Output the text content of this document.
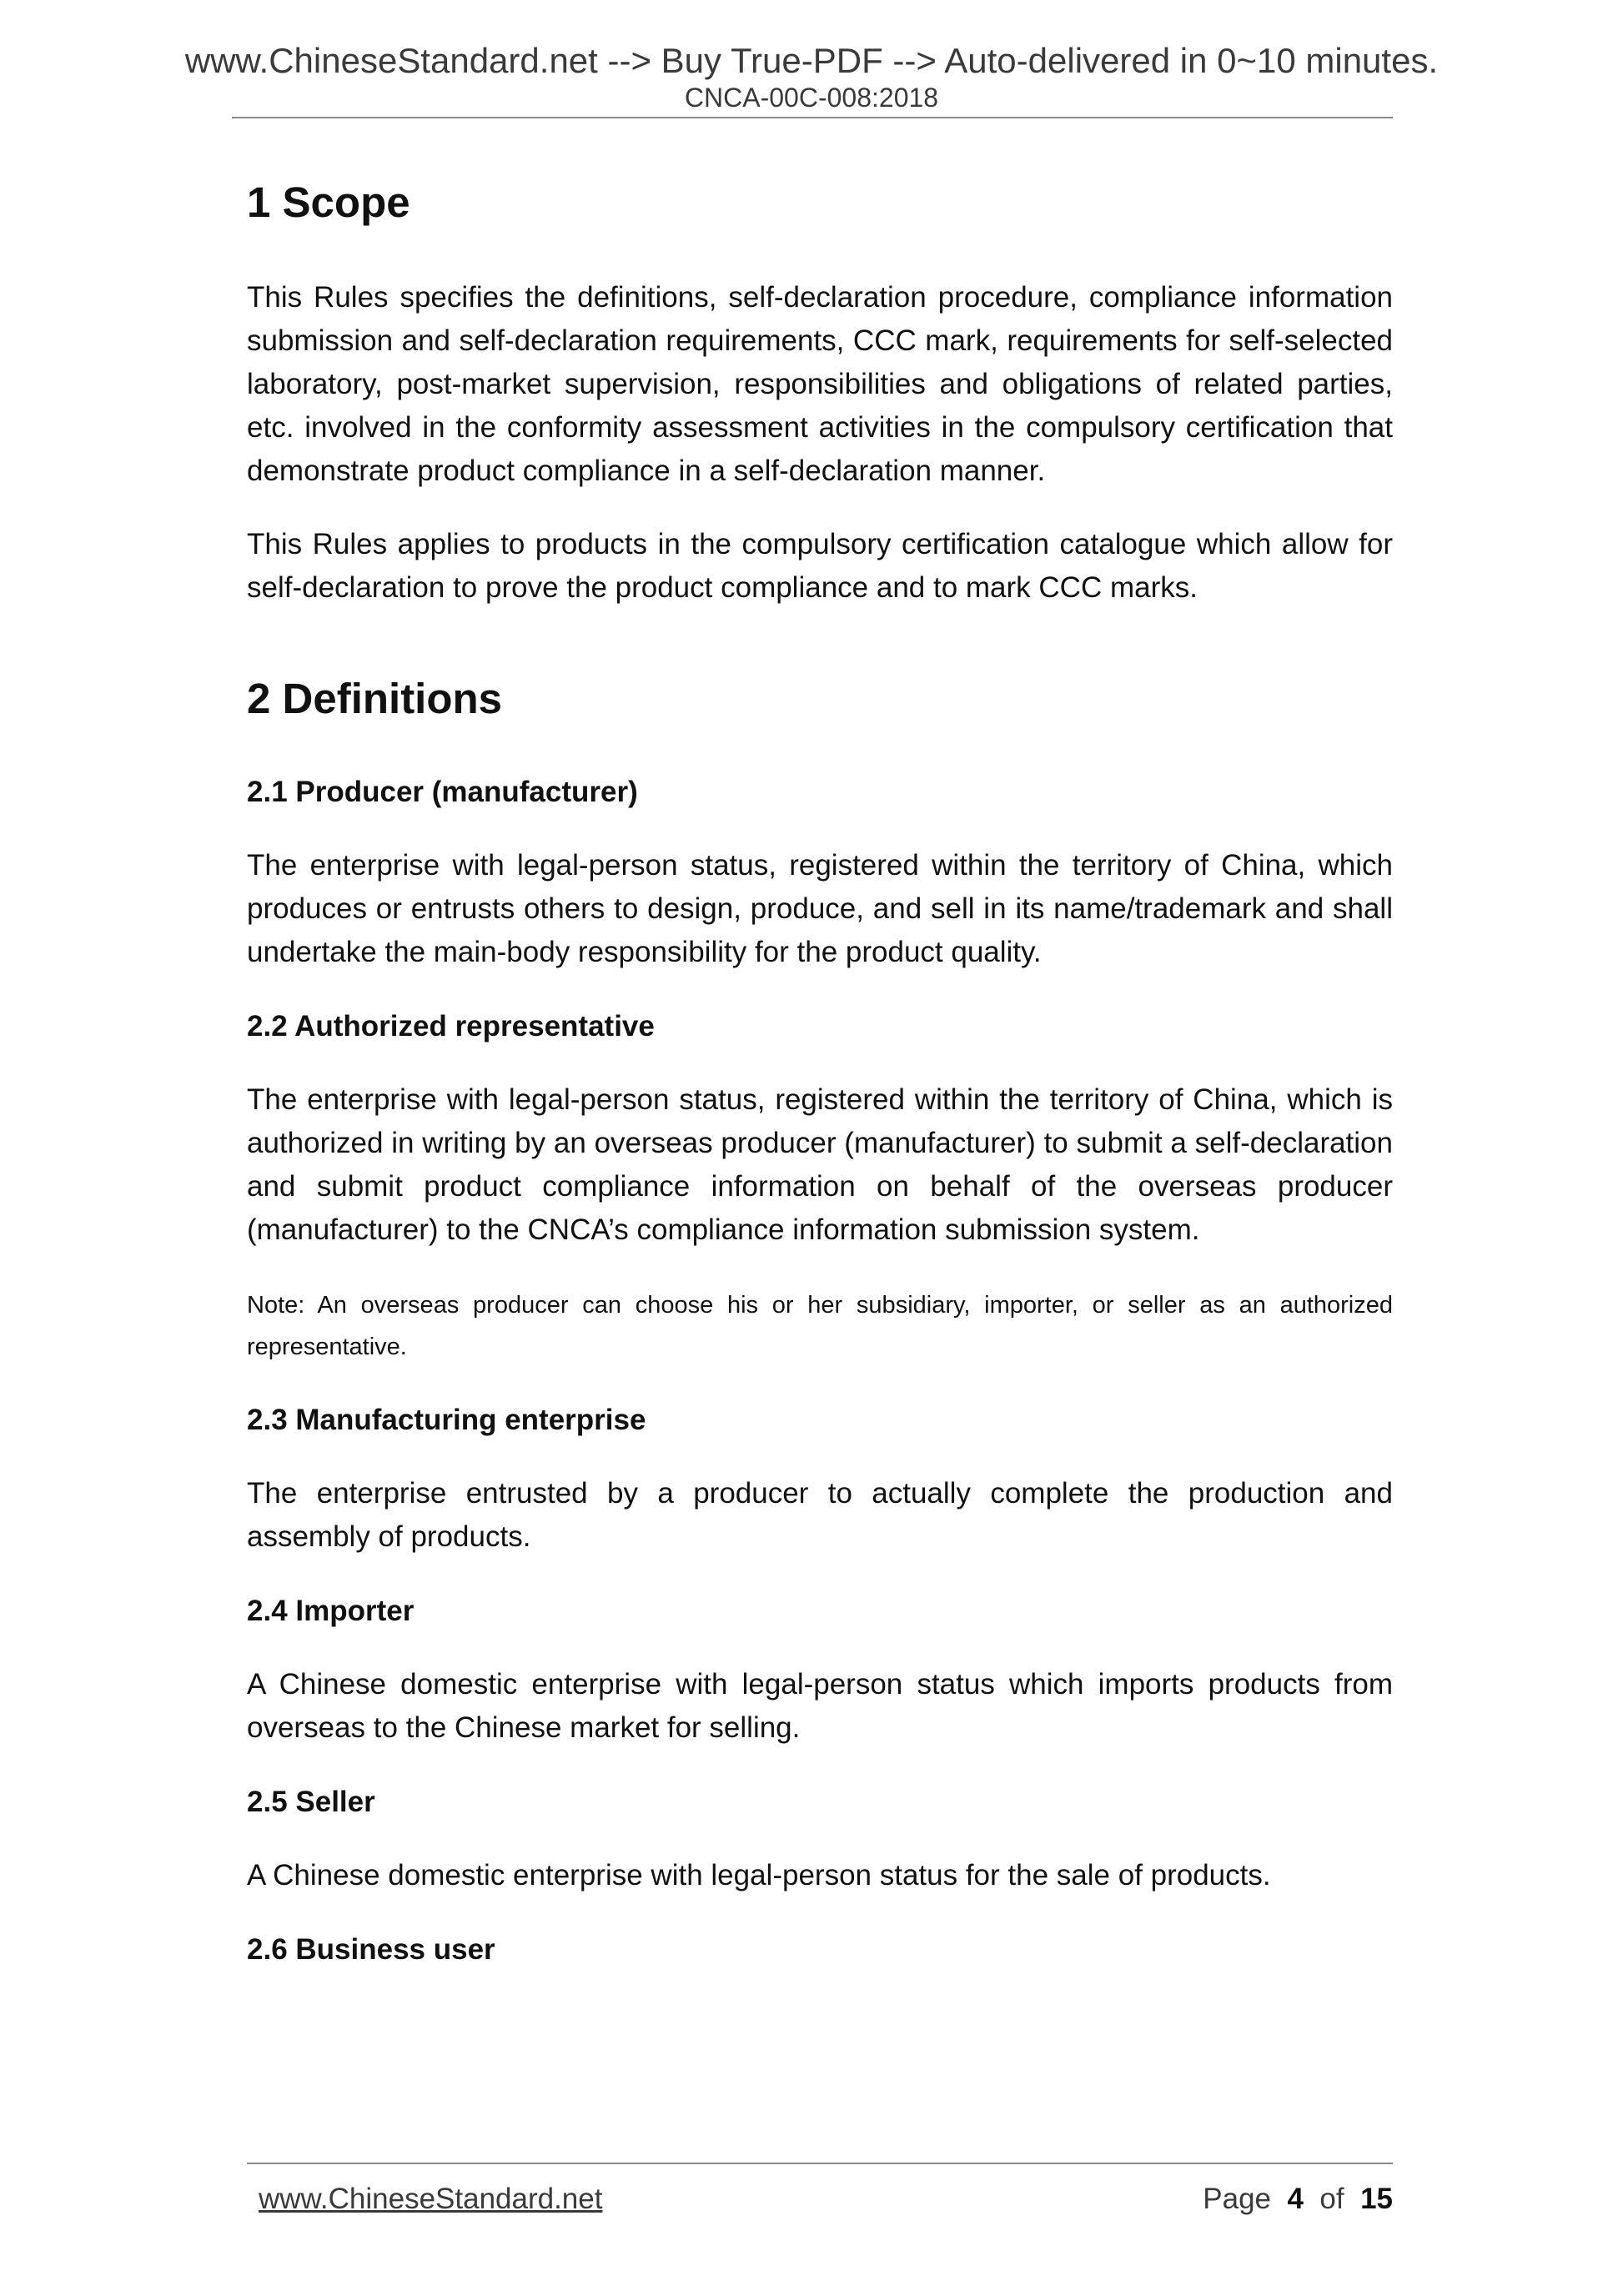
www.ChineseStandard.net --> Buy True-PDF --> Auto-delivered in 0~10 minutes.
CNCA-00C-008:2018
1 Scope

This Rules specifies the definitions, self-declaration procedure, compliance information submission and self-declaration requirements, CCC mark, requirements for self-selected laboratory, post-market supervision, responsibilities and obligations of related parties, etc. involved in the conformity assessment activities in the compulsory certification that demonstrate product compliance in a self-declaration manner.

This Rules applies to products in the compulsory certification catalogue which allow for self-declaration to prove the product compliance and to mark CCC marks.

2 Definitions
2.1 Producer (manufacturer)

The enterprise with legal-person status, registered within the territory of China, which produces or entrusts others to design, produce, and sell in its name/trademark and shall undertake the main-body responsibility for the product quality.

2.2 Authorized representative

The enterprise with legal-person status, registered within the territory of China, which is authorized in writing by an overseas producer (manufacturer) to submit a self-declaration and submit product compliance information on behalf of the overseas producer (manufacturer) to the CNCA’s compliance information submission system.

Note: An overseas producer can choose his or her subsidiary, importer, or seller as an authorized representative.

2.3 Manufacturing enterprise

The enterprise entrusted by a producer to actually complete the production and assembly of products.

2.4 Importer

A Chinese domestic enterprise with legal-person status which imports products from overseas to the Chinese market for selling.

2.5 Seller

A Chinese domestic enterprise with legal-person status for the sale of products.

2.6 Business user
www.ChineseStandard.net	Page 4 of 15
